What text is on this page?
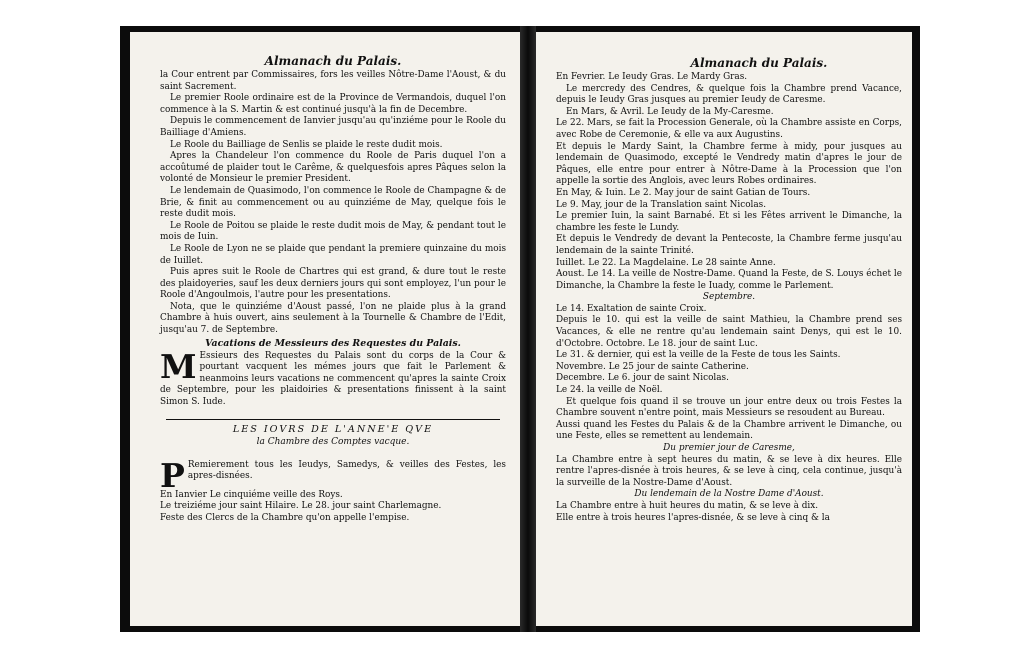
Almanach du Palais.

la Cour entrent par Commissaires, fors les veilles Nôtre-Dame l'Aoust, & du saint Sacrement.

Le premier Roole ordinaire est de la Province de Vermandois, duquel l'on commence à la S. Martin & est continué jusqu'à la fin de Decembre.

Depuis le commencement de Ianvier jusqu'au qu'inziéme pour le Roole du Bailliage d'Amiens.

Le Roole du Bailliage de Senlis se plaide le reste dudit mois.

Apres la Chandeleur l'on commence du Roole de Paris duquel l'on a accoûtumé de plaider tout le Carême, & quelquesfois apres Pâques selon la volonté de Monsieur le premier President.

Le lendemain de Quasimodo, l'on commence le Roole de Champagne & de Brie, & finit au commencement ou au quinziéme de May, quelque fois le reste dudit mois.

Le Roole de Poitou se plaide le reste dudit mois de May, & pendant tout le mois de Iuin.

Le Roole de Lyon ne se plaide que pendant la premiere quinzaine du mois de Iuillet.

Puis apres suit le Roole de Chartres qui est grand, & dure tout le reste des plaidoyeries, sauf les deux derniers jours qui sont employez, l'un pour le Roole d'Angoulmois, l'autre pour les presentations.

Nota, que le quinziéme d'Aoust passé, l'on ne plaide plus à la grand Chambre à huis ouvert, ains seulement à la Tournelle & Chambre de l'Edit, jusqu'au 7. de Septembre.

Vacations de Messieurs des Requestes du Palais.
M Essieurs des Requestes du Palais sont du corps de la Cour & pourtant vacquent les mémes jours que fait le Parlement & neanmoins leurs vacations ne commencent qu'apres la sainte Croix de Septembre, pour les plaidoiries & presentations finissent à la saint Simon S. Iude.

LES IOVRS DE L'ANNE'E QVE
la Chambre des Comptes vacque.
P Remierement tous les Ieudys, Samedys, & veilles des Festes, les apres-disnées.

En Ianvier Le cinquiéme veille des Roys.

Le treiziéme jour saint Hilaire. Le 28. jour saint Charlemagne.

Feste des Clercs de la Chambre qu'on appelle l'empise.

Almanach du Palais.

En Fevrier. Le Ieudy Gras. Le Mardy Gras.

Le mercredy des Cendres, & quelque fois la Chambre prend Vacance, depuis le Ieudy Gras jusques au premier Ieudy de Caresme.

En Mars, & Avril. Le Ieudy de la My-Caresme.

Le 22. Mars, se fait la Procession Generale, où la Chambre assiste en Corps, avec Robe de Ceremonie, & elle va aux Augustins.

Et depuis le Mardy Saint, la Chambre ferme à midy, pour jusques au lendemain de Quasimodo, excepté le Vendredy matin d'apres le jour de Pâques, elle entre pour entrer à Nôtre-Dame à la Procession que l'on appelle la sortie des Anglois, avec leurs Robes ordinaires.

En May, & Iuin. Le 2. May jour de saint Gatian de Tours.

Le 9. May, jour de la Translation saint Nicolas.

Le premier Iuin, la saint Barnabé. Et si les Fêtes arrivent le Dimanche, la chambre les feste le Lundy.

Et depuis le Vendredy de devant la Pentecoste, la Chambre ferme jusqu'au lendemain de la sainte Trinité.

Iuillet. Le 22. La Magdelaine. Le 28 sainte Anne.

Aoust. Le 14. La veille de Nostre-Dame. Quand la Feste, de S. Louys échet le Dimanche, la Chambre la feste le Iuady, comme le Parlement.

Septembre.

Le 14. Exaltation de sainte Croix.

Depuis le 10. qui est la veille de saint Mathieu, la Chambre prend ses Vacances, & elle ne rentre qu'au lendemain saint Denys, qui est le 10. d'Octobre. Octobre. Le 18. jour de saint Luc.

Le 31. & dernier, qui est la veille de la Feste de tous les Saints.

Novembre. Le 25 jour de sainte Catherine.

Decembre. Le 6. jour de saint Nicolas.

Le 24. la veille de Noël.

Et quelque fois quand il se trouve un jour entre deux ou trois Festes la Chambre souvent n'entre point, mais Messieurs se resoudent au Bureau.

Aussi quand les Festes du Palais & de la Chambre arrivent le Dimanche, ou une Feste, elles se remettent au lendemain.

Du premier jour de Caresme,

La Chambre entre à sept heures du matin, & se leve à dix heures. Elle rentre l'apres-disnée à trois heures, & se leve à cinq, cela continue, jusqu'à la surveille de la Nostre-Dame d'Aoust.

Du lendemain de la Nostre Dame d'Aoust.

La Chambre entre à huit heures du matin, & se leve à dix.

Elle entre à trois heures l'apres-disnée, & se leve à cinq & la
